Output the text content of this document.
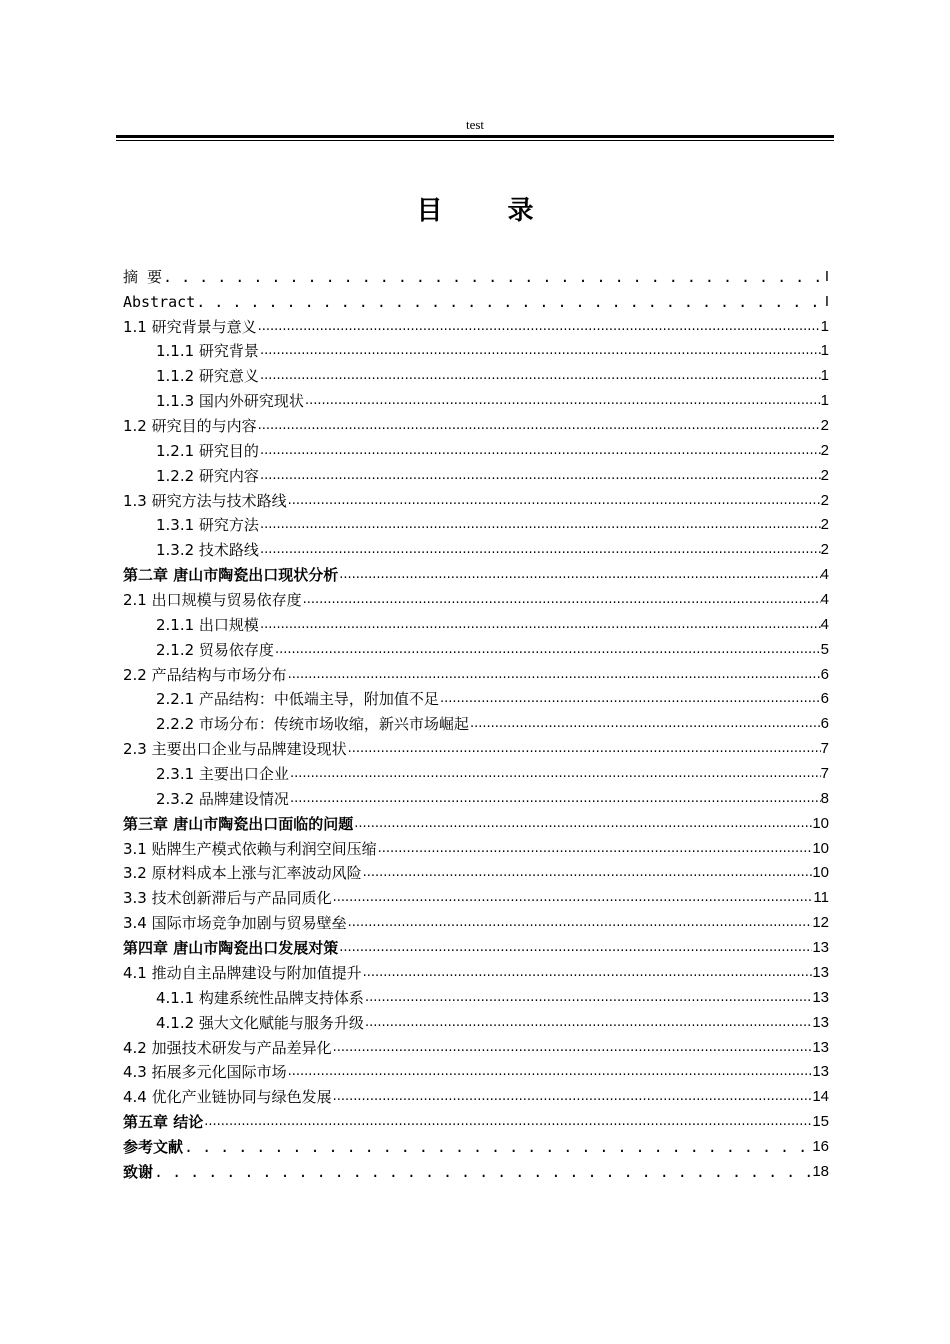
test
目 录
摘 要 . . .	I
Abstract . . .	I
1.1 研究背景与意义 .....	1
1.1.1 研究背景 .....	1
1.1.2 研究意义 .....	1
1.1.3 国内外研究现状 .....	1
1.2 研究目的与内容 .....	2
1.2.1 研究目的 .....	2
1.2.2 研究内容 .....	2
1.3 研究方法与技术路线 .....	2
1.3.1 研究方法 .....	2
1.3.2 技术路线 .....	2
第二章 唐山市陶瓷出口现状分析 .....	4
2.1 出口规模与贸易依存度 .....	4
2.1.1 出口规模 .....	4
2.1.2 贸易依存度 .....	5
2.2 产品结构与市场分布 .....	6
2.2.1 产品结构：中低端主导，附加值不足 .....	6
2.2.2 市场分布：传统市场收缩，新兴市场崛起 .....	6
2.3 主要出口企业与品牌建设现状 .....	7
2.3.1 主要出口企业 .....	7
2.3.2 品牌建设情况 .....	8
第三章 唐山市陶瓷出口面临的问题 .....	10
3.1 贴牌生产模式依赖与利润空间压缩 .....	10
3.2 原材料成本上涨与汇率波动风险 .....	10
3.3 技术创新滞后与产品同质化 .....	11
3.4 国际市场竞争加剧与贸易壁垒 .....	12
第四章 唐山市陶瓷出口发展对策 .....	13
4.1 推动自主品牌建设与附加值提升 .....	13
4.1.1 构建系统性品牌支持体系 .....	13
4.1.2 强大文化赋能与服务升级 .....	13
4.2 加强技术研发与产品差异化 .....	13
4.3 拓展多元化国际市场 .....	13
4.4 优化产业链协同与绿色发展 .....	14
第五章 结论 .....	15
参考文献 . . .	16
致谢 . . .	18
